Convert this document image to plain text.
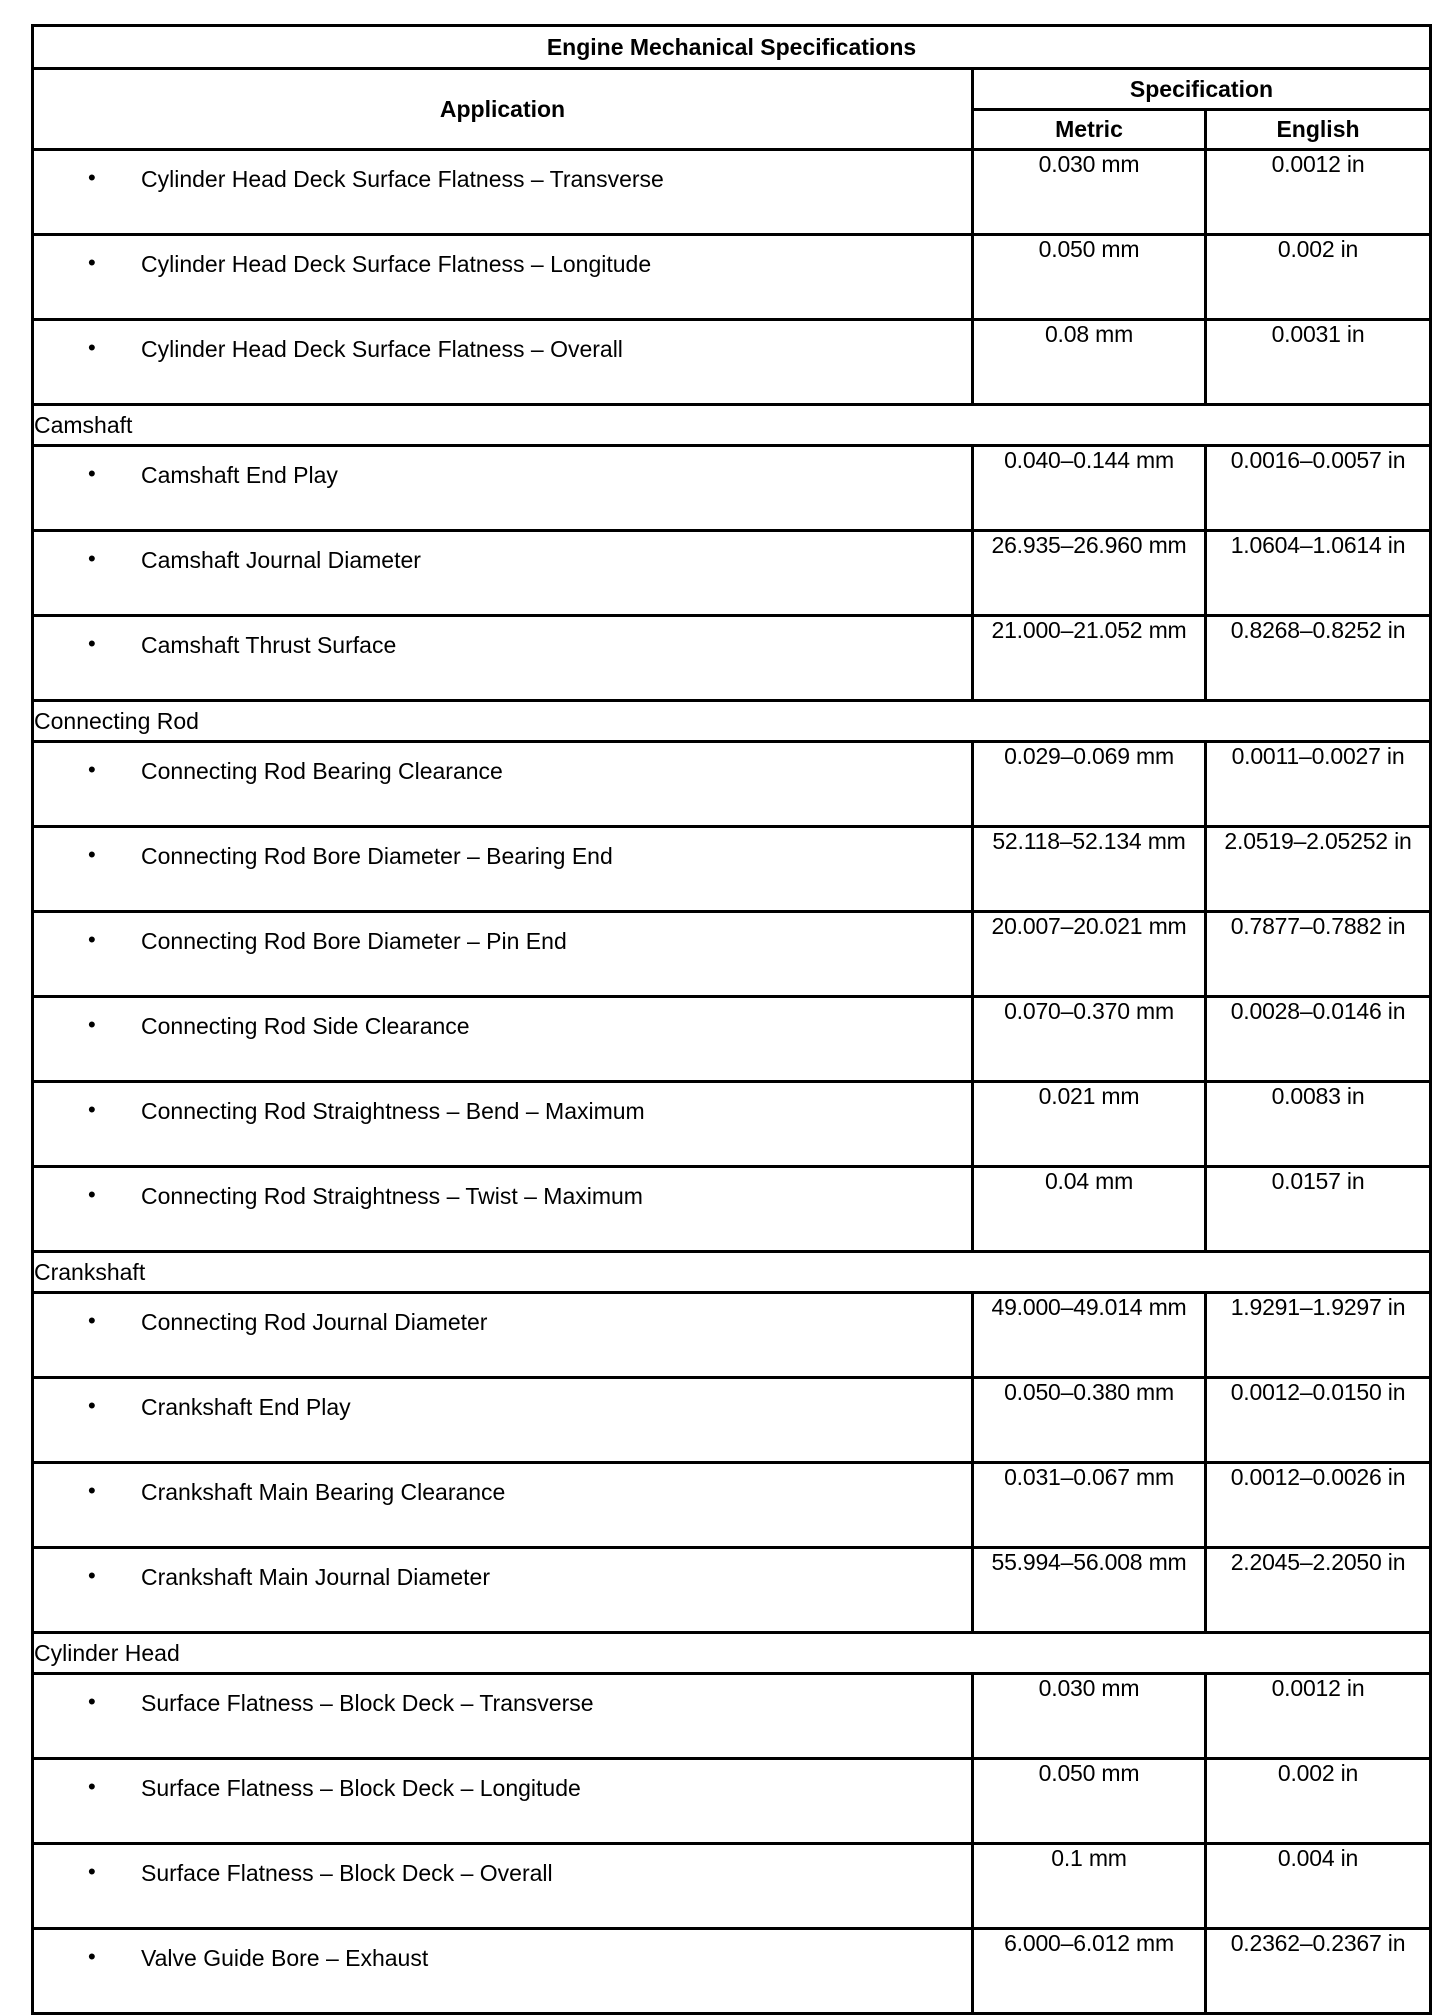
Engine Mechanical Specifications		
Application	Specification	
	Metric	English

• Cylinder Head Deck Surface Flatness – Transverse	0.030 mm	0.0012 in

• Cylinder Head Deck Surface Flatness – Longitude	0.050 mm	0.002 in

• Cylinder Head Deck Surface Flatness – Overall	0.08 mm	0.0031 in
Camshaft		

• Camshaft End Play	0.040–0.144 mm	0.0016–0.0057 in

• Camshaft Journal Diameter	26.935–26.960 mm	1.0604–1.0614 in

• Camshaft Thrust Surface	21.000–21.052 mm	0.8268–0.8252 in
Connecting Rod		

• Connecting Rod Bearing Clearance	0.029–0.069 mm	0.0011–0.0027 in

• Connecting Rod Bore Diameter – Bearing End	52.118–52.134 mm	2.0519–2.05252 in

• Connecting Rod Bore Diameter – Pin End	20.007–20.021 mm	0.7877–0.7882 in

• Connecting Rod Side Clearance	0.070–0.370 mm	0.0028–0.0146 in

• Connecting Rod Straightness – Bend – Maximum	0.021 mm	0.0083 in

• Connecting Rod Straightness – Twist – Maximum	0.04 mm	0.0157 in
Crankshaft		

• Connecting Rod Journal Diameter	49.000–49.014 mm	1.9291–1.9297 in

• Crankshaft End Play	0.050–0.380 mm	0.0012–0.0150 in

• Crankshaft Main Bearing Clearance	0.031–0.067 mm	0.0012–0.0026 in

• Crankshaft Main Journal Diameter	55.994–56.008 mm	2.2045–2.2050 in
Cylinder Head		

• Surface Flatness – Block Deck – Transverse	0.030 mm	0.0012 in

• Surface Flatness – Block Deck – Longitude	0.050 mm	0.002 in

• Surface Flatness – Block Deck – Overall	0.1 mm	0.004 in

• Valve Guide Bore – Exhaust	6.000–6.012 mm	0.2362–0.2367 in
